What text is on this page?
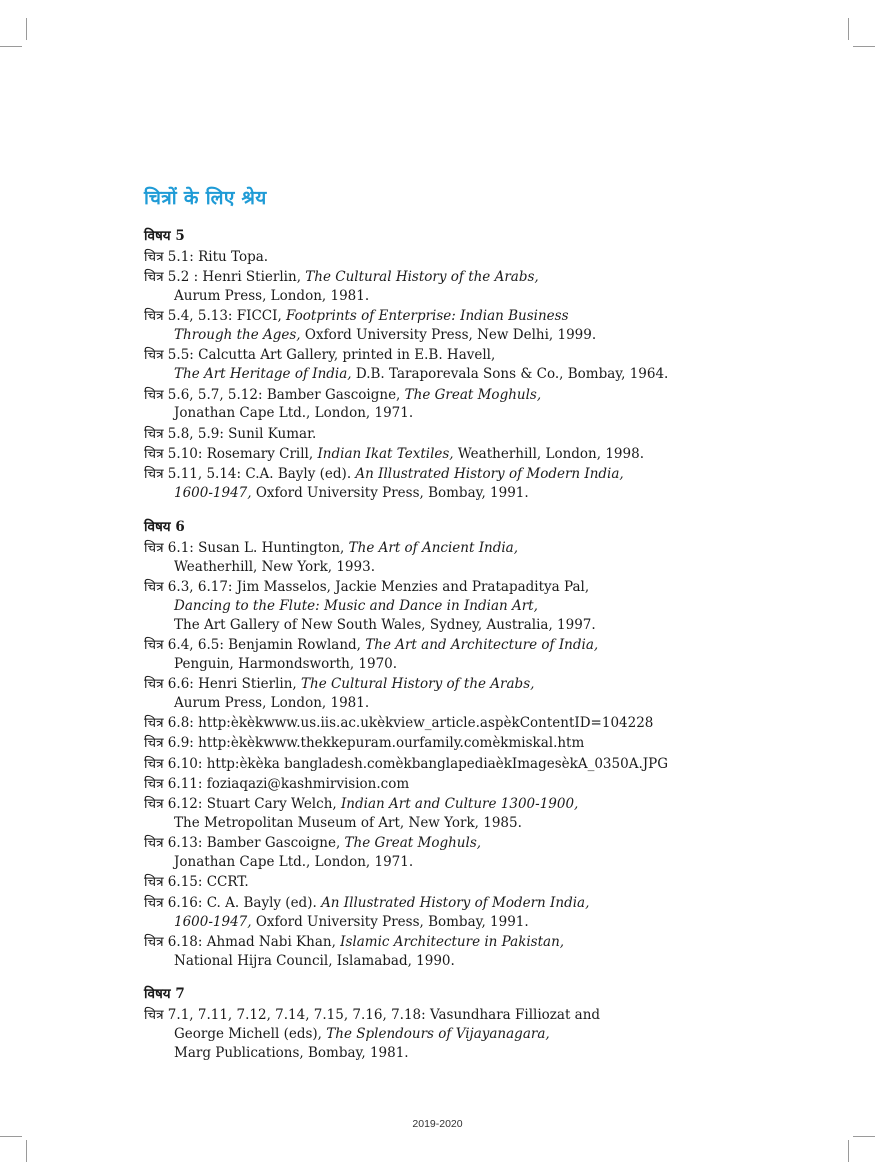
चित्रों के लिए श्रेय
विषय 5
चित्र 5.1: Ritu Topa.
चित्र 5.2 : Henri Stierlin, The Cultural History of the Arabs,
Aurum Press, London, 1981.
चित्र 5.4, 5.13: FICCI, Footprints of Enterprise: Indian Business
Through the Ages, Oxford University Press, New Delhi, 1999.
चित्र 5.5: Calcutta Art Gallery, printed in E.B. Havell,
The Art Heritage of India, D.B. Taraporevala Sons & Co., Bombay, 1964.
चित्र 5.6, 5.7, 5.12: Bamber Gascoigne, The Great Moghuls,
Jonathan Cape Ltd., London, 1971.
चित्र 5.8, 5.9: Sunil Kumar.
चित्र 5.10: Rosemary Crill, Indian Ikat Textiles, Weatherhill, London, 1998.
चित्र 5.11, 5.14: C.A. Bayly (ed). An Illustrated History of Modern India,
1600-1947, Oxford University Press, Bombay, 1991.
विषय 6
चित्र 6.1: Susan L. Huntington, The Art of Ancient India,
Weatherhill, New York, 1993.
चित्र 6.3, 6.17: Jim Masselos, Jackie Menzies and Pratapaditya Pal,
Dancing to the Flute: Music and Dance in Indian Art,
The Art Gallery of New South Wales, Sydney, Australia, 1997.
चित्र 6.4, 6.5: Benjamin Rowland, The Art and Architecture of India,
Penguin, Harmondsworth, 1970.
चित्र 6.6: Henri Stierlin, The Cultural History of the Arabs,
Aurum Press, London, 1981.
चित्र 6.8: http:èkèkwww.us.iis.ac.ukèkview_article.aspèkContentID=104228
चित्र 6.9: http:èkèkwww.thekkepuram.ourfamily.comèkmiskal.htm
चित्र 6.10: http:èkèka bangladesh.comèkbanglapediaèkImagesèkA_0350A.JPG
चित्र 6.11: foziaqazi@kashmirvision.com
चित्र 6.12: Stuart Cary Welch, Indian Art and Culture 1300-1900,
The Metropolitan Museum of Art, New York, 1985.
चित्र 6.13: Bamber Gascoigne, The Great Moghuls,
Jonathan Cape Ltd., London, 1971.
चित्र 6.15: CCRT.
चित्र 6.16: C. A. Bayly (ed). An Illustrated History of Modern India,
1600-1947, Oxford University Press, Bombay, 1991.
चित्र 6.18: Ahmad Nabi Khan, Islamic Architecture in Pakistan,
National Hijra Council, Islamabad, 1990.
विषय 7
चित्र 7.1, 7.11, 7.12, 7.14, 7.15, 7.16, 7.18: Vasundhara Filliozat and
George Michell (eds), The Splendours of Vijayanagara,
Marg Publications, Bombay, 1981.
2019-2020
